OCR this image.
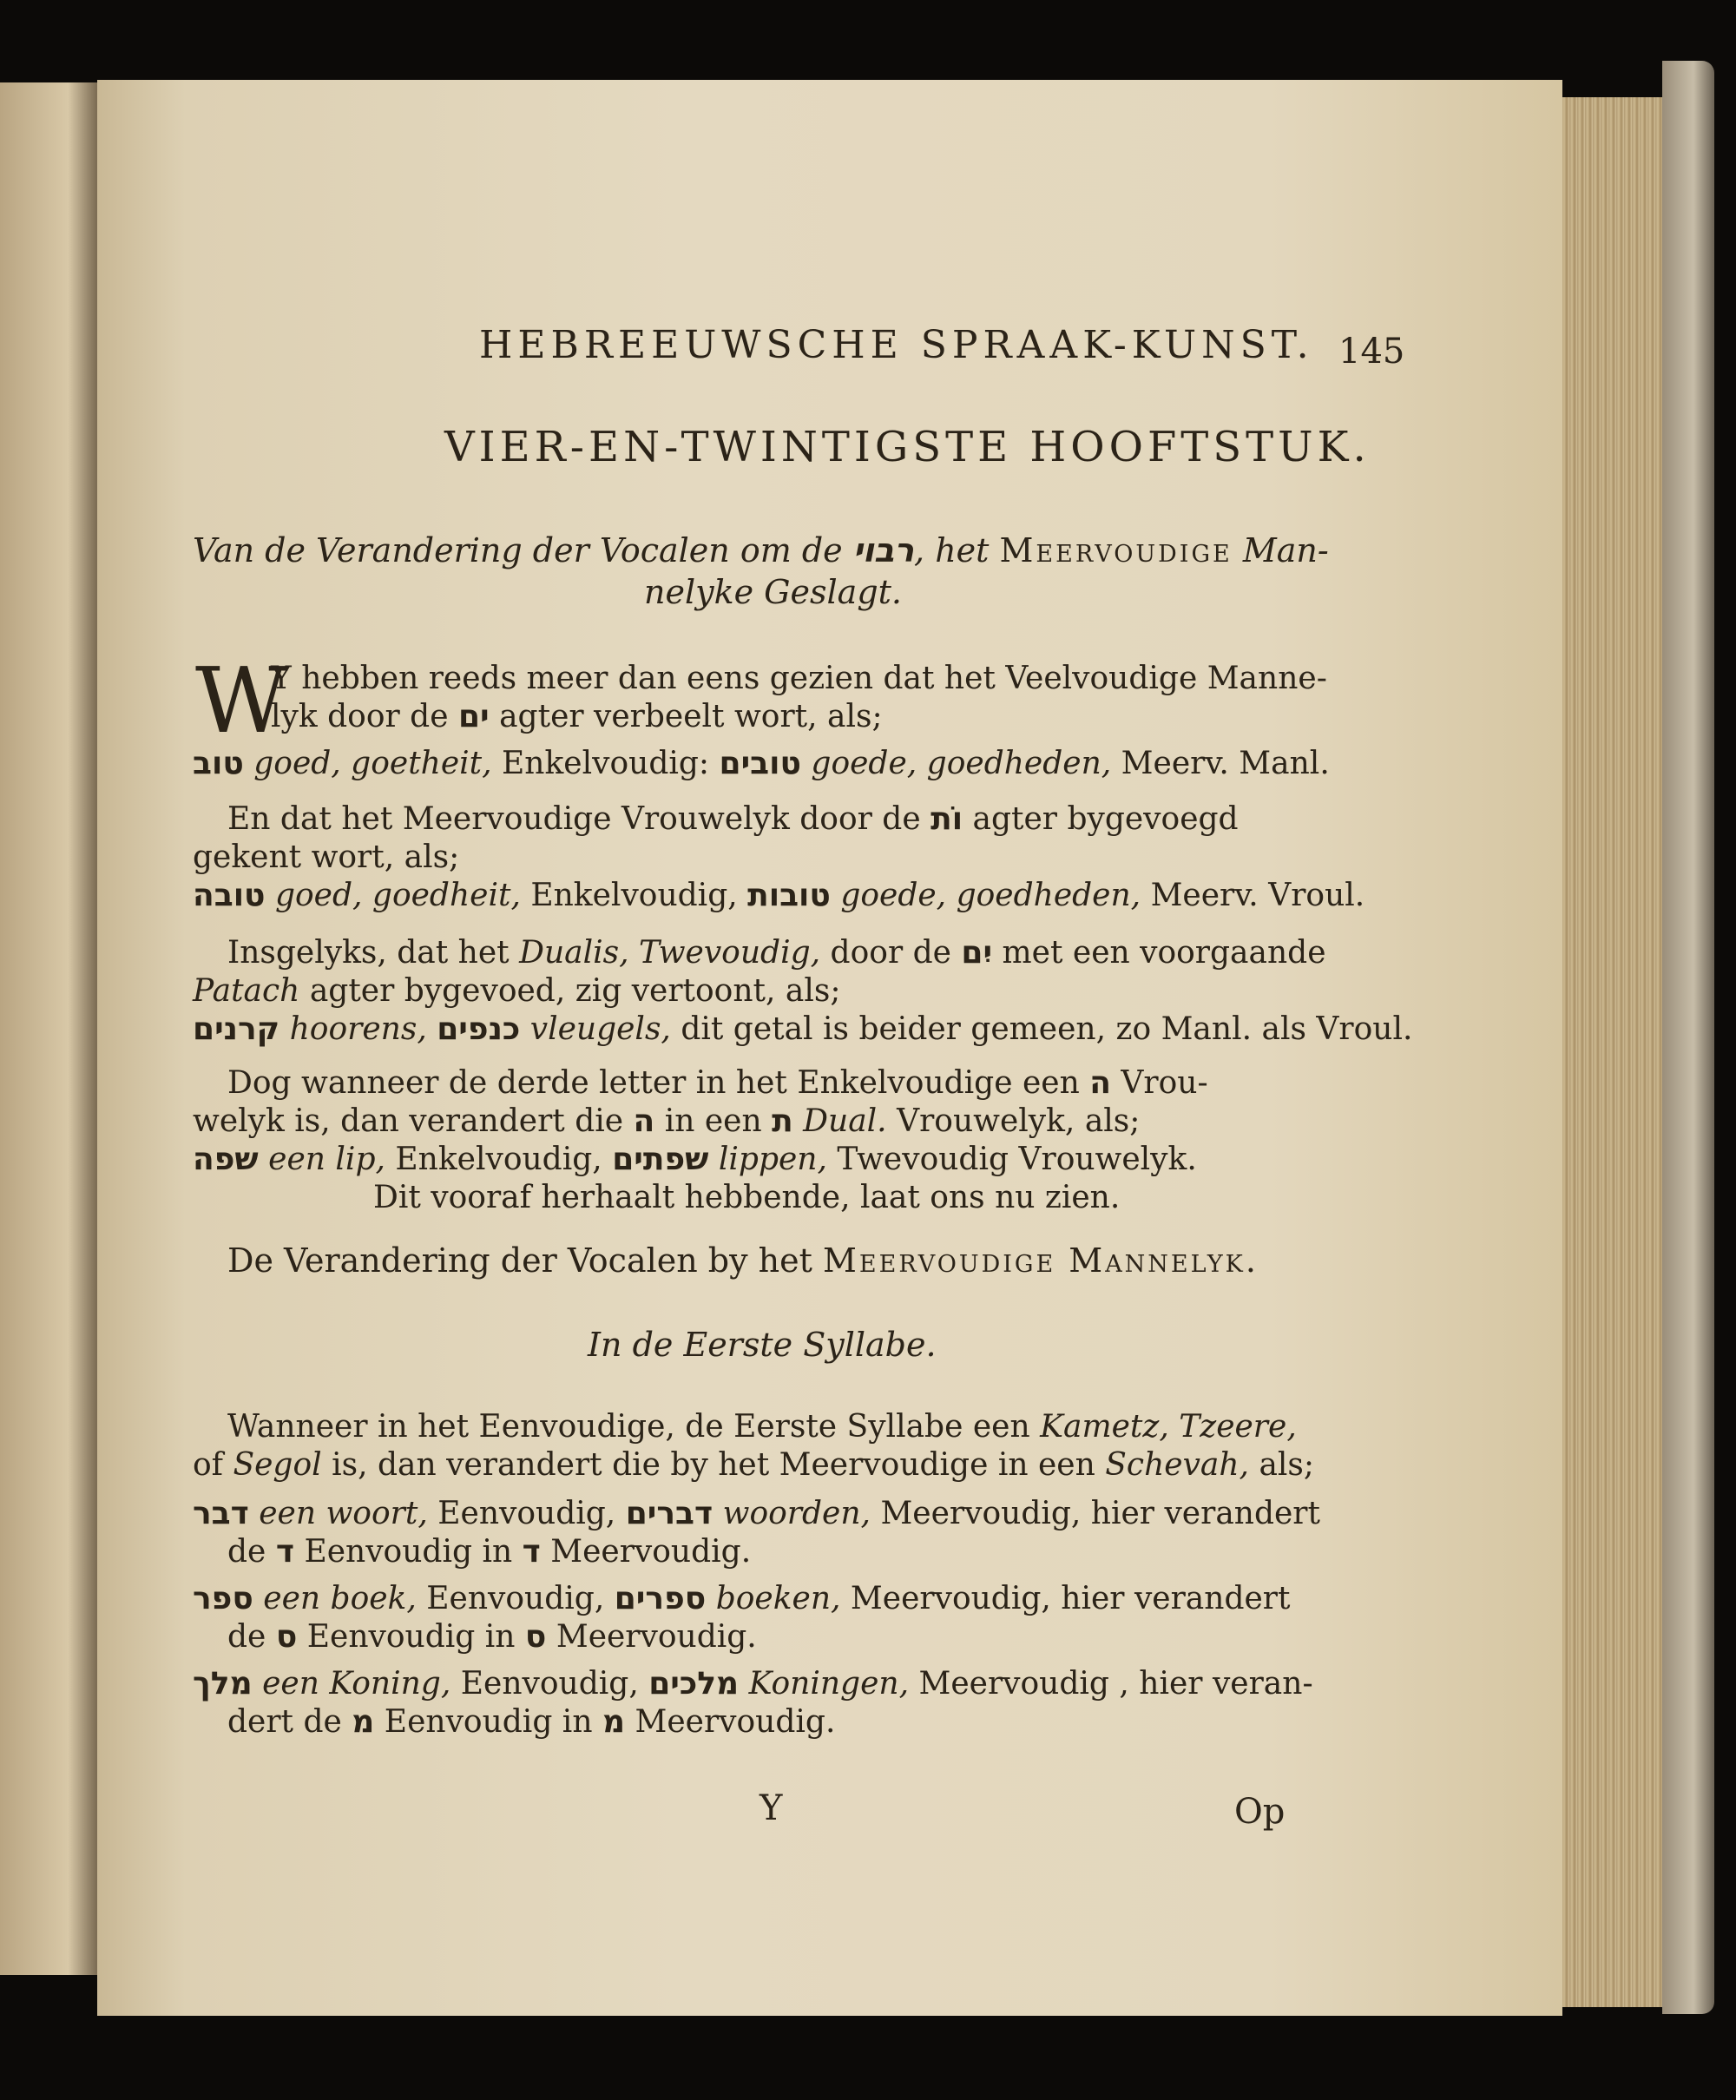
HEBREEUWSCHE SPRAAK-KUNST. 145
VIER-EN-TWINTIGSTE HOOFTSTUK.
Van de Verandering der Vocalen om de רבוי, het Meervoudige Man-
nelyke Geslagt.
W
Y hebben reeds meer dan eens gezien dat het Veelvoudige Manne-
lyk door de ים agter verbeelt wort, als;
טוב goed, goetheit, Enkelvoudig: טובים goede, goedheden, Meerv. Manl.
En dat het Meervoudige Vrouwelyk door de וֹת agter bygevoegd
gekent wort, als;
טובה goed, goedheit, Enkelvoudig, טובות goede, goedheden, Meerv. Vroul.
Insgelyks, dat het Dualis, Twevoudig, door de יִם met een voorgaande
Patach agter bygevoed, zig vertoont, als;
קרנים hoorens, כנפים vleugels, dit getal is beider gemeen, zo Manl. als Vroul.
Dog wanneer de derde letter in het Enkelvoudige een ה Vrou-
welyk is, dan verandert die ה in een ת Dual. Vrouwelyk, als;
שפה een lip, Enkelvoudig, שפתים lippen, Twevoudig Vrouwelyk.
Dit vooraf herhaalt hebbende, laat ons nu zien.
De Verandering der Vocalen by het Meervoudige Mannelyk.
In de Eerste Syllabe.
Wanneer in het Eenvoudige, de Eerste Syllabe een Kametz, Tzeere,
of Segol is, dan verandert die by het Meervoudige in een Schevah, als;
דבר een woort, Eenvoudig, דברים woorden, Meervoudig, hier verandert
de ד Eenvoudig in ד Meervoudig.
ספר een boek, Eenvoudig, ספרים boeken, Meervoudig, hier verandert
de ס Eenvoudig in ס Meervoudig.
מלך een Koning, Eenvoudig, מלכים Koningen, Meervoudig , hier veran-
dert de מ Eenvoudig in מ Meervoudig.
Y	Op
